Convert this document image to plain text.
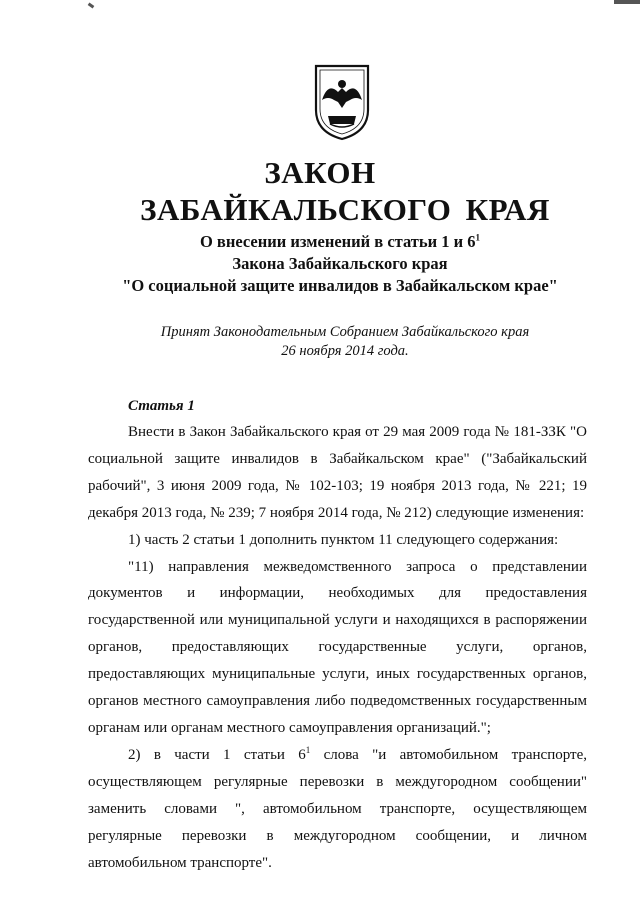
ЗАКОН
ЗАБАЙКАЛЬСКОГО КРАЯ
О внесении изменений в статьи 1 и $6^1$
Закона Забайкальского края
"О социальной защите инвалидов в Забайкальском крае"
Принят Законодательным Собранием Забайкальского края
26 ноября 2014 года.
Статья 1

Внести в Закон Забайкальского края от 29 мая 2009 года № 181-ЗЗК "О социальной защите инвалидов в Забайкальском крае" ("Забайкальский рабочий", 3 июня 2009 года, № 102-103; 19 ноября 2013 года, № 221; 19 декабря 2013 года, № 239; 7 ноября 2014 года, № 212) следующие изменения:

1) часть 2 статьи 1 дополнить пунктом 11 следующего содержания:

"11) направления межведомственного запроса о представлении документов и информации, необходимых для предоставления государственной или муниципальной услуги и находящихся в распоряжении органов, предоставляющих государственные услуги, органов, предоставляющих муниципальные услуги, иных государственных органов, органов местного самоуправления либо подведомственных государственным органам или органам местного самоуправления организаций.";

2) в части 1 статьи $6^1$ слова "и автомобильном транспорте, осуществляющем регулярные перевозки в междугородном сообщении" заменить словами ", автомобильном транспорте, осуществляющем регулярные перевозки в междугородном сообщении, и личном автомобильном транспорте".
